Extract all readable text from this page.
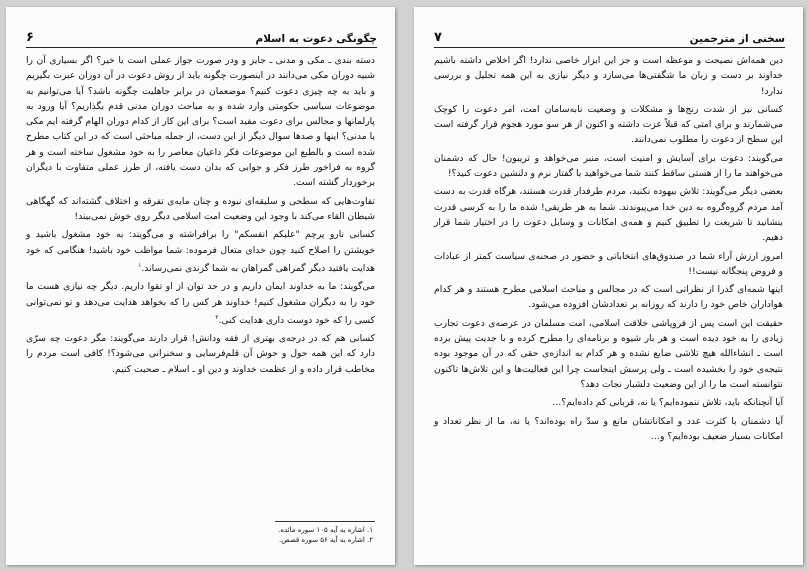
چگونگی دعوت به اسلام
۶

دسته بندی ـ مکی و مدنی ـ جایز و ودر صورت جواز عملی است یا خیر؟ اگر بسیاری آن را شبیه دوران مکی می‌دانند در اینصورت چگونه باید از روش دعوت در آن دوران عبرت بگیریم و باید به چه چیزی دعوت کنیم؟ موضعمان در برابر جاهلیت چگونه باشد؟ آیا می‌توانیم به موضوعات سیاسی حکومتی وارد شده و به مباحث دوران مدنی قدم بگذاریم؟ آیا ورود به پارلمانها و مجالس برای دعوت مفید است؟ برای این کار از کدام دوران الهام گرفته ایم مکی یا مدنی؟ اینها و صدها سوال دیگر از این دست، از جمله مباحثی است که در این کتاب مطرح شده است و بالطبع این موضوعات فکر داعیان معاصر را به خود مشغول ساخته است و هر گروه به فراخور طرز فکر و جوابی که بدان دست یافته، از طرز عملی متفاوت با دیگران برخوردار گشته است.

تفاوت‌هایی که سطحی و سلیقه‌ای نبوده و چنان مایه‌ی تفرقه و اختلاف گشته‌اند که گهگاهی شیطان القاء می‌کند با وجود این وضعیت امت اسلامی دیگر روی خوش نمی‌بیند!

کسانی نارو پرچم "علیکم انفسکم" را برافراشته و می‌گویند: به خود مشغول باشید و خویشتن را اصلاح کنید چون خدای متعال فرموده: شما مواظب خود باشید! هنگامی که خود هدایت یافتید دیگر گمراهی گمراهان به شما گزندی نمی‌رساند.$^۱$

می‌گویند: ما به خداوند ایمان داریم و در حد توان از او تقوا داریم. دیگر چه نیازی هست ما خود را به دیگران مشغول کنیم! خداوند هر کس را که بخواهد هدایت می‌دهد و تو نمی‌توانی کسی را که خود دوست داری هدایت کنی.$^۲$

کسانی هم که در درجه‌ی بهتری از فقه ودانش! قرار دارند می‌گویند: مگر دعوت چه سرّی دارد که این همه حول و حوش آن قلم‌فرسایی و سخنرانی می‌شود؟! کافی است مردم را مخاطب قرار داده و از عظمت خداوند و دین او ـ اسلام ـ صحبت کنیم.

۱. اشاره به آیه ۱۰۵ سوره مائده.
۲. اشاره به آیه ۵۶ سوره قصص.
سخنی از مترجمین
۷

دین همه‌اش نصیحت و موعظه است و جز این ابزار خاصی ندارد! اگر اخلاص داشته باشیم خداوند بر دست و زبان ما شگفتی‌ها می‌سازد و دیگر نیازی به این همه تحلیل و بررسی ندارد!

کسانی نیز از شدت رنج‌ها و مشکلات و وضعیت نابه‌سامان امت، امر دعوت را کوچک می‌شمارند و برای امتی که قبلاً عزت داشته و اکنون از هر سو مورد هجوم قرار گرفته است این سطح از دعوت را مطلوب نمی‌دانند.

می‌گویند: دعوت برای آسایش و امنیت است، منبر می‌خواهد و تریبون! حال که دشمنان می‌خواهند ما را از هستی ساقط کنند شما می‌خواهید با گفتار نرم و دلنشین دعوت کنید؟!

بعضی دیگر می‌گویند: تلاش بیهوده نکنید، مردم طرفدار قدرت هستند، هرگاه قدرت به دست آمد مردم گروه‌گروه به دین خدا می‌پیوندند. شما به هر طریقی! شده ما را به کرسی قدرت بنشانید تا شریعت را تطبیق کنیم و همه‌ی امکانات و وسایل دعوت را در اختیار شما قرار دهیم.

امروز ارزش آراء شما در صندوق‌های انتخاباتی و حضور در صحنه‌ی سیاست کمتر از عبادات و فروض پنجگانه نیست!!

اینها شمه‌ای گذرا از نظراتی است که در مجالس و مباحث اسلامی مطرح هستند و هر کدام هواداران خاص خود را دارند که روزانه بر تعدادشان افزوده می‌شود.

حقیقت این است پس از فروپاشی خلافت اسلامی، امت مسلمان در عرصه‌ی دعوت تجارب زیادی را به خود دیده است و هر بار شیوه و برنامه‌ای را مطرح کرده و با جدیت پیش برده است ـ انشاءالله هیچ تلاشی ضایع نشده و هر کدام به اندازه‌ی حقی که در آن موجود بوده نتیجه‌ی خود را بخشیده است ـ ولی پرسش اینجاست چرا این فعالیت‌ها و این تلاش‌ها تاکنون نتوانسته است ما را از این وضعیت دلشبار نجات دهد؟

آیا آنچنانکه باید، تلاش ننموده‌ایم؟ یا نه، قربانی کم داده‌ایم؟…

آیا دشمنان با کثرت عدد و امکاناتشان مانع و سدّ راه بوده‌اند؟ یا نه، ما از نظر تعداد و امکانات بسیار ضعیف بوده‌ایم؟ و…
